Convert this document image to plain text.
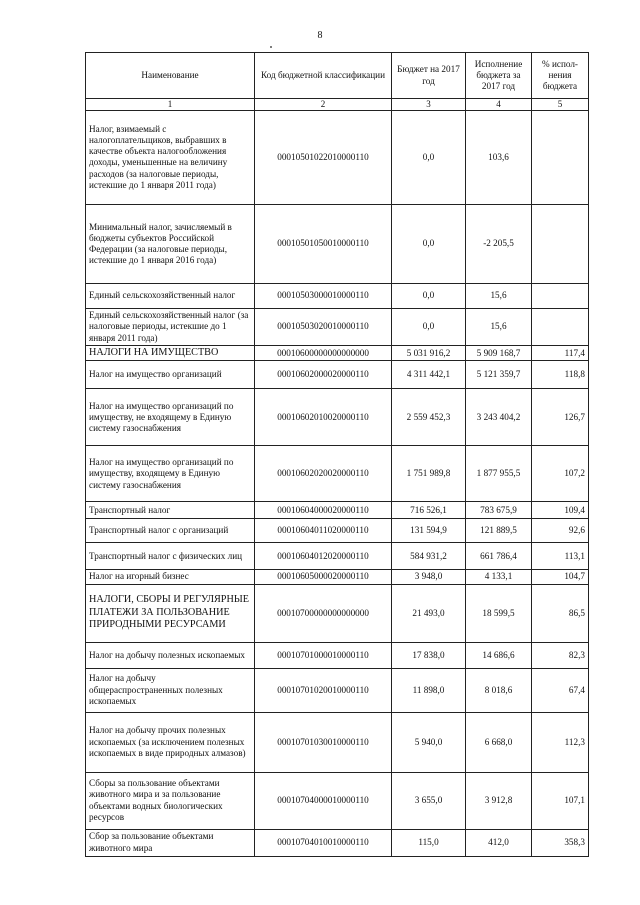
8
Наименование	Код бюджетной классификации	Бюджет на 2017 год	Исполнение бюджета за 2017 год	% испол-нения бюджета
1	2	3	4	5
Налог, взимаемый с налогоплательщиков, выбравших в качестве объекта налогообложения доходы, уменьшенные на величину расходов (за налоговые периоды, истекшие до 1 января 2011 года)	00010501022010000110	0,0	103,6	
Минимальный налог, зачисляемый в бюджеты субъектов Российской Федерации (за налоговые периоды, истекшие до 1 января 2016 года)	00010501050010000110	0,0	-2 205,5	
Единый сельскохозяйственный налог	00010503000010000110	0,0	15,6	
Единый сельскохозяйственный налог (за налоговые периоды, истекшие до 1 января 2011 года)	00010503020010000110	0,0	15,6	
НАЛОГИ НА ИМУЩЕСТВО	00010600000000000000	5 031 916,2	5 909 168,7	117,4
Налог на имущество организаций	00010602000020000110	4 311 442,1	5 121 359,7	118,8
Налог на имущество организаций по имуществу, не входящему в Единую систему газоснабжения	00010602010020000110	2 559 452,3	3 243 404,2	126,7
Налог на имущество организаций по имуществу, входящему в Единую систему газоснабжения	00010602020020000110	1 751 989,8	1 877 955,5	107,2
Транспортный налог	00010604000020000110	716 526,1	783 675,9	109,4
Транспортный налог с организаций	00010604011020000110	131 594,9	121 889,5	92,6
Транспортный налог с физических лиц	00010604012020000110	584 931,2	661 786,4	113,1
Налог на игорный бизнес	00010605000020000110	3 948,0	4 133,1	104,7
НАЛОГИ, СБОРЫ И РЕГУЛЯРНЫЕ ПЛАТЕЖИ ЗА ПОЛЬЗОВАНИЕ ПРИРОДНЫМИ РЕСУРСАМИ	00010700000000000000	21 493,0	18 599,5	86,5
Налог на добычу полезных ископаемых	00010701000010000110	17 838,0	14 686,6	82,3
Налог на добычу общераспространенных полезных ископаемых	00010701020010000110	11 898,0	8 018,6	67,4
Налог на добычу прочих полезных ископаемых (за исключением полезных ископаемых в виде природных алмазов)	00010701030010000110	5 940,0	6 668,0	112,3
Сборы за пользование объектами животного мира и за пользование объектами водных биологических ресурсов	00010704000010000110	3 655,0	3 912,8	107,1
Сбор за пользование объектами животного мира	00010704010010000110	115,0	412,0	358,3
